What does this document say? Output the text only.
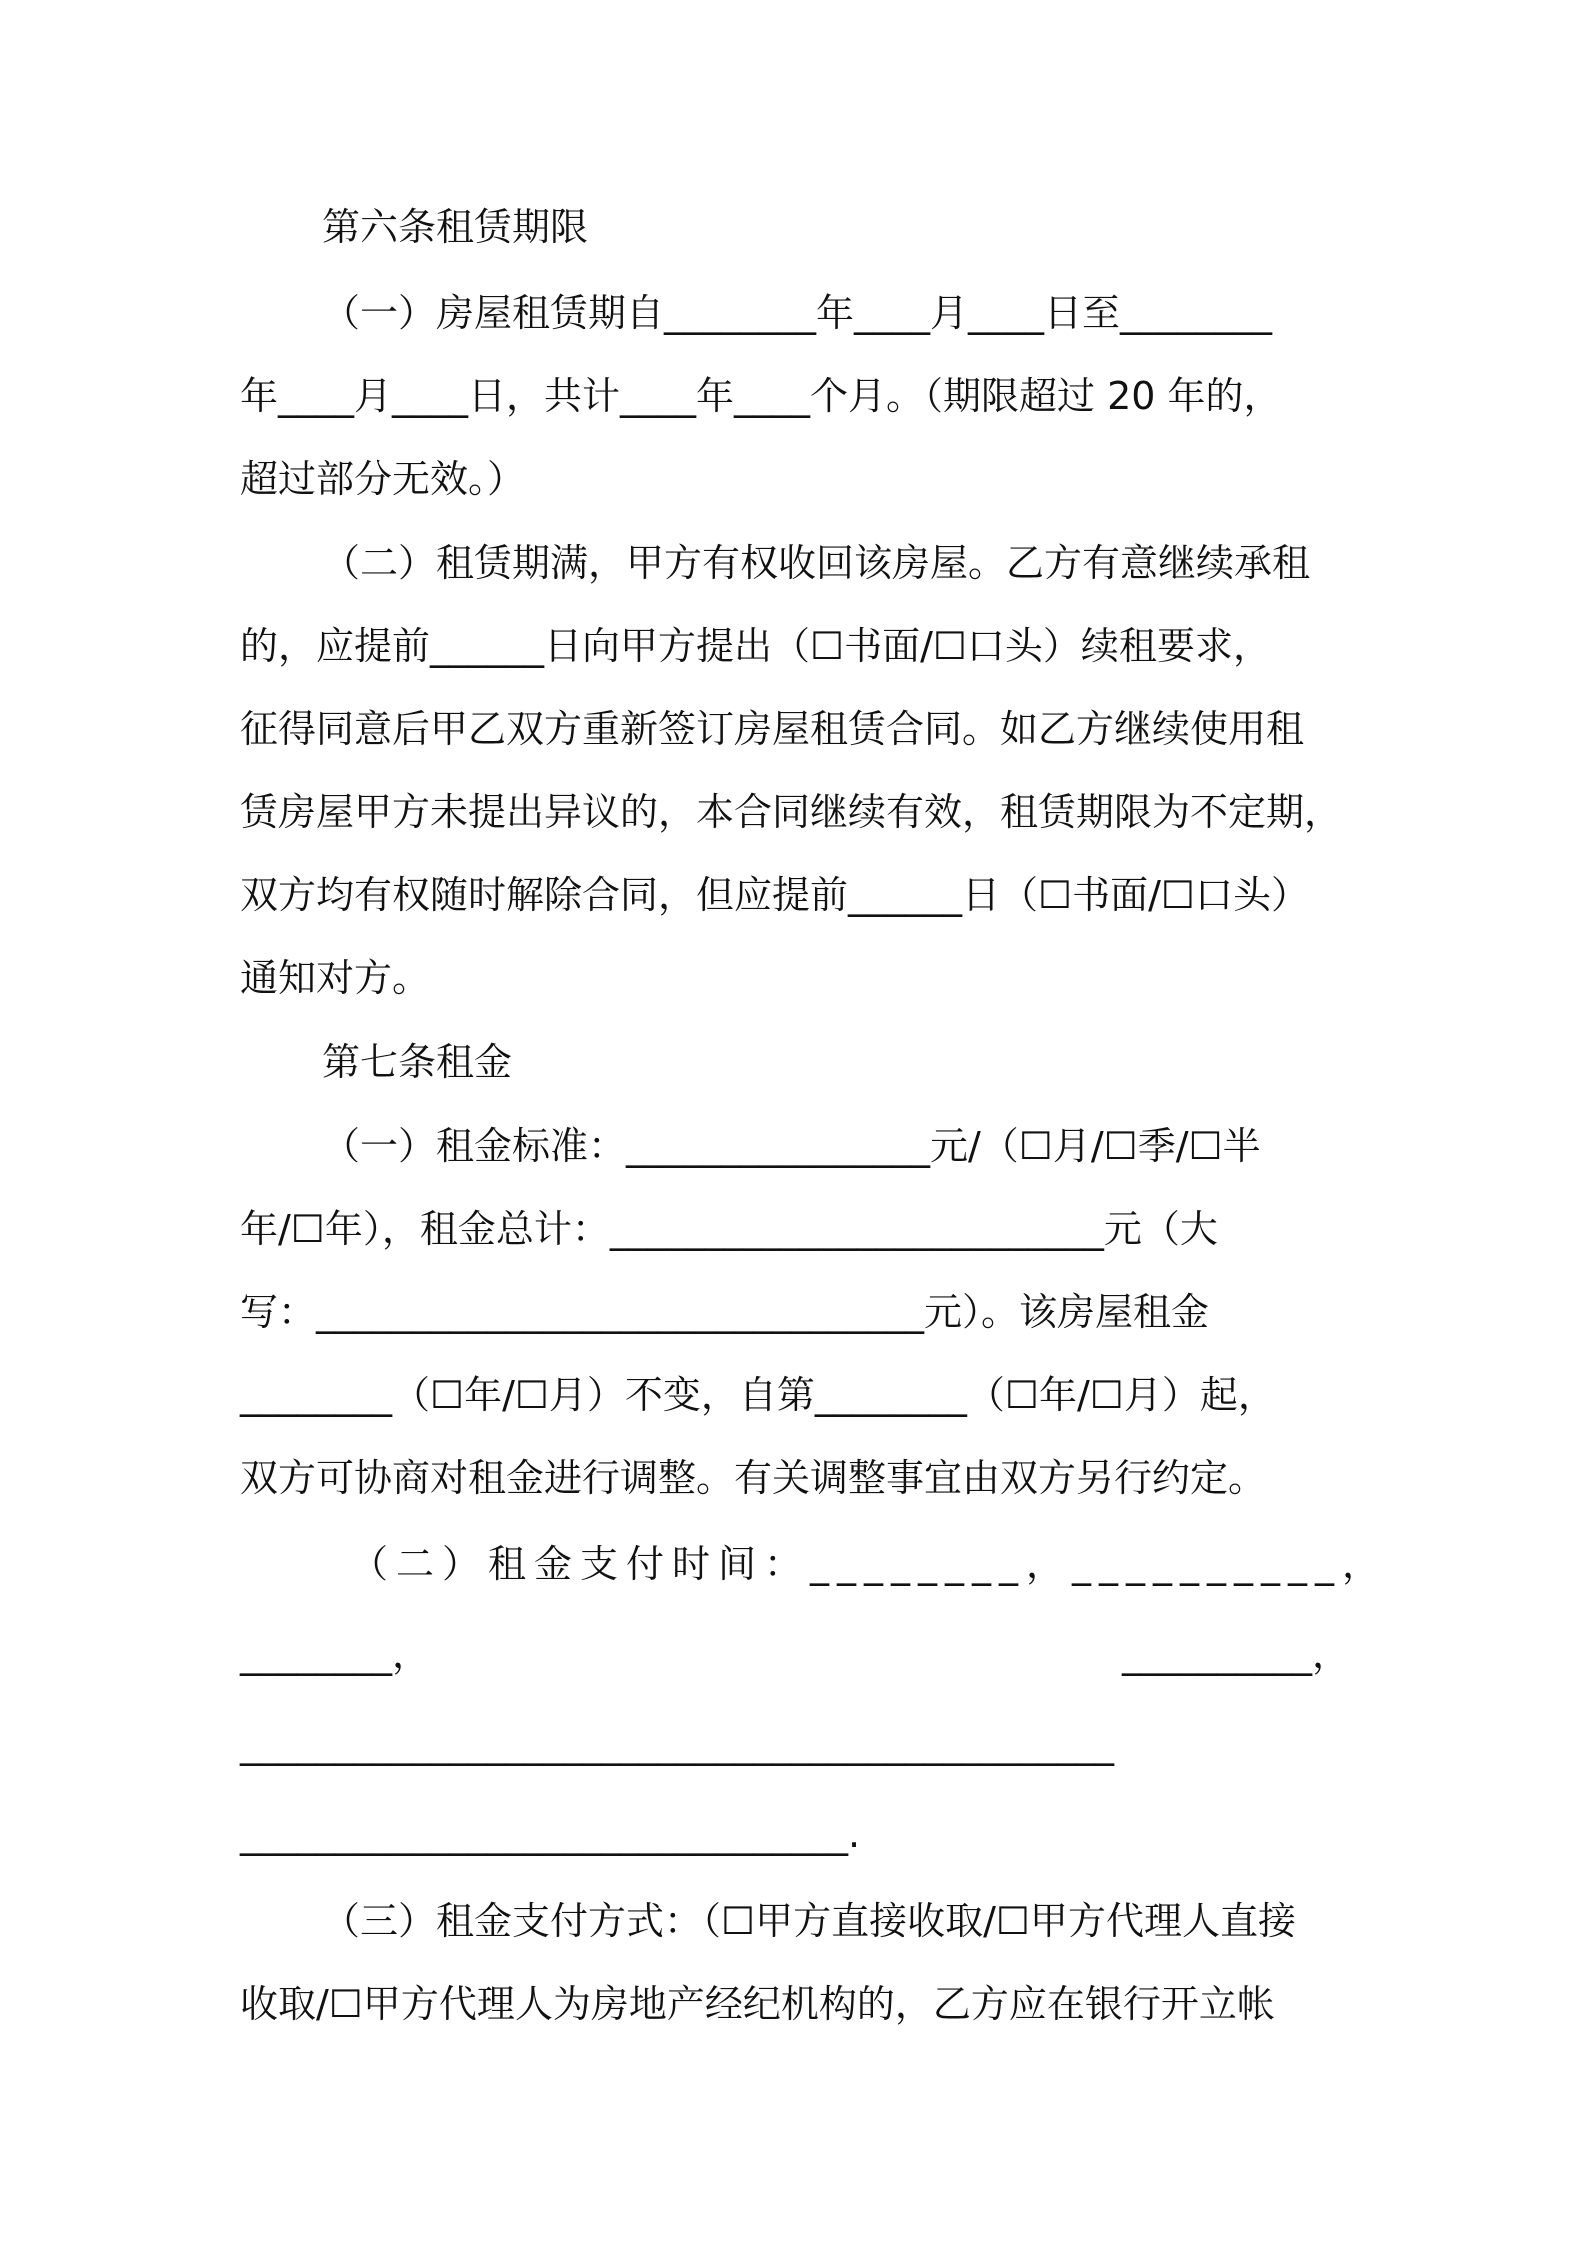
第六条租赁期限

（一）房屋租赁期自________年____月____日至________

年____月____日，共计____年____个月。（期限超过 20 年的，

超过部分无效。）

（二）租赁期满，甲方有权收回该房屋。乙方有意继续承租

的，应提前______日向甲方提出（☐书面/☐口头）续租要求，

征得同意后甲乙双方重新签订房屋租赁合同。如乙方继续使用租

赁房屋甲方未提出异议的，本合同继续有效，租赁期限为不定期，

双方均有权随时解除合同，但应提前______日（☐书面/☐口头）

通知对方。

第七条租金

（一）租金标准：________________元/（☐月/☐季/☐半

年/☐年），租金总计：__________________________元（大

写：________________________________元）。该房屋租金

________（☐年/☐月）不变，自第________（☐年/☐月）起，

双方可协商对租金进行调整。有关调整事宜由双方另行约定。

（二）租金支付时间：________，__________，

________，	__________，

______________________________________________

________________________________.

（三）租金支付方式：（☐甲方直接收取/☐甲方代理人直接

收取/☐甲方代理人为房地产经纪机构的，乙方应在银行开立帐
